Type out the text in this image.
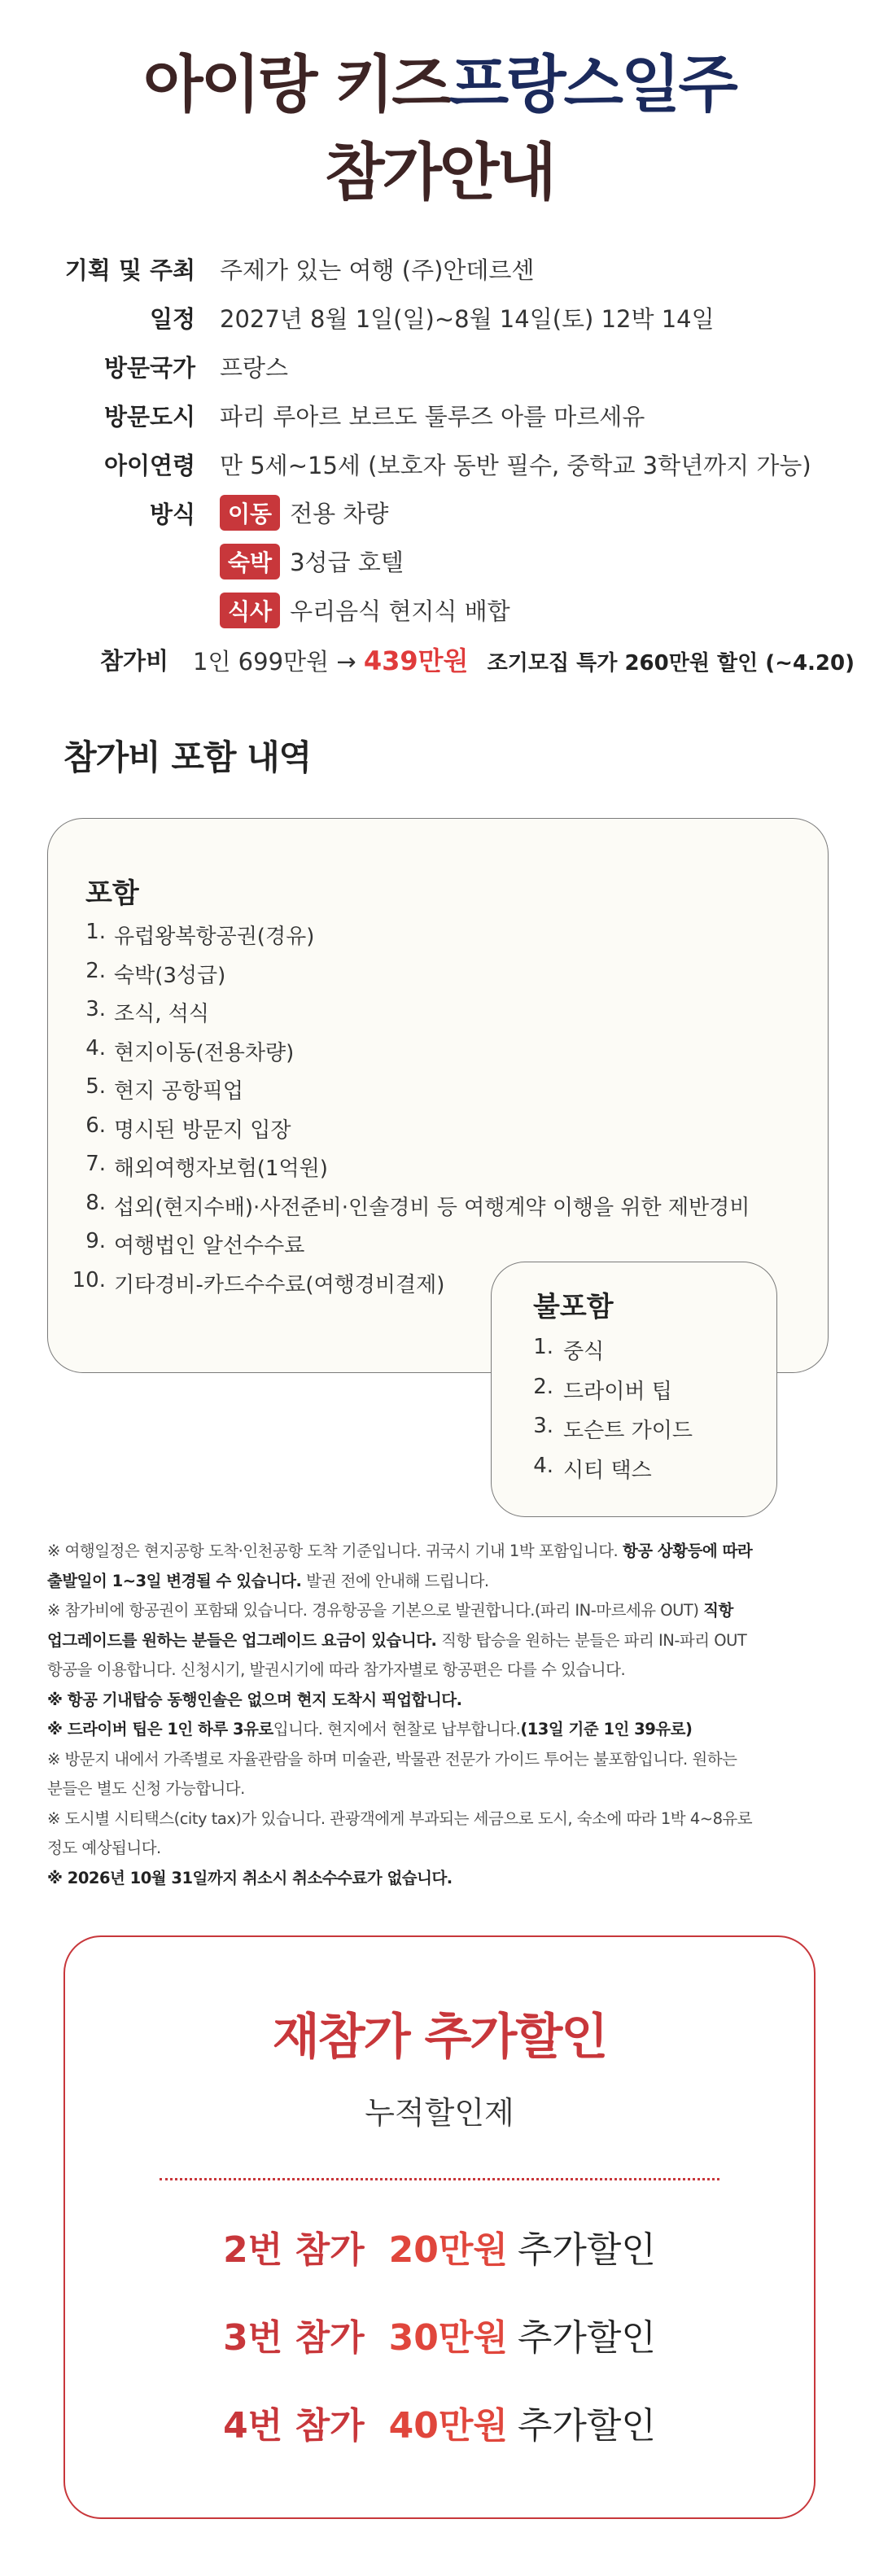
아이랑 키즈프랑스일주
참가안내
기획 및 주최 주제가 있는 여행 (주)안데르센
일정 2027년 8월 1일(일)~8월 14일(토) 12박 14일
방문국가 프랑스
방문도시 파리 루아르 보르도 툴루즈 아를 마르세유
아이연령 만 5세~15세 (보호자 동반 필수, 중학교 3학년까지 가능)
방식	이동 전용 차량
숙박 3성급 호텔
식사 우리음식 현지식 배합
참가비 1인 699만원 → 439만원 조기모집 특가 260만원 할인 (~4.20)
참가비 포함 내역
포함
1. 유럽왕복항공권(경유)
2. 숙박(3성급)
3. 조식, 석식
4. 현지이동(전용차량)
5. 현지 공항픽업
6. 명시된 방문지 입장
7. 해외여행자보험(1억원)
8. 섭외(현지수배)·사전준비·인솔경비 등 여행계약 이행을 위한 제반경비
9. 여행법인 알선수수료
10. 기타경비-카드수수료(여행경비결제)
불포함
1. 중식
2. 드라이버 팁
3. 도슨트 가이드
4. 시티 택스

※ 여행일정은 현지공항 도착·인천공항 도착 기준입니다. 귀국시 기내 1박 포함입니다. 항공 상황등에 따라

출발일이 1~3일 변경될 수 있습니다. 발권 전에 안내해 드립니다.

※ 참가비에 항공권이 포함돼 있습니다. 경유항공을 기본으로 발권합니다.(파리 IN-마르세유 OUT) 직항

업그레이드를 원하는 분들은 업그레이드 요금이 있습니다. 직항 탑승을 원하는 분들은 파리 IN-파리 OUT

항공을 이용합니다. 신청시기, 발권시기에 따라 참가자별로 항공편은 다를 수 있습니다.

※ 항공 기내탑승 동행인솔은 없으며 현지 도착시 픽업합니다.

※ 드라이버 팁은 1인 하루 3유로입니다. 현지에서 현찰로 납부합니다.(13일 기준 1인 39유로)

※ 방문지 내에서 가족별로 자율관람을 하며 미술관, 박물관 전문가 가이드 투어는 불포함입니다. 원하는

분들은 별도 신청 가능합니다.

※ 도시별 시티택스(city tax)가 있습니다. 관광객에게 부과되는 세금으로 도시, 숙소에 따라 1박 4~8유로

정도 예상됩니다.

※ 2026년 10월 31일까지 취소시 취소수수료가 없습니다.

재참가 추가할인
누적할인제
2번 참가 20만원 추가할인
3번 참가 30만원 추가할인
4번 참가 40만원 추가할인
